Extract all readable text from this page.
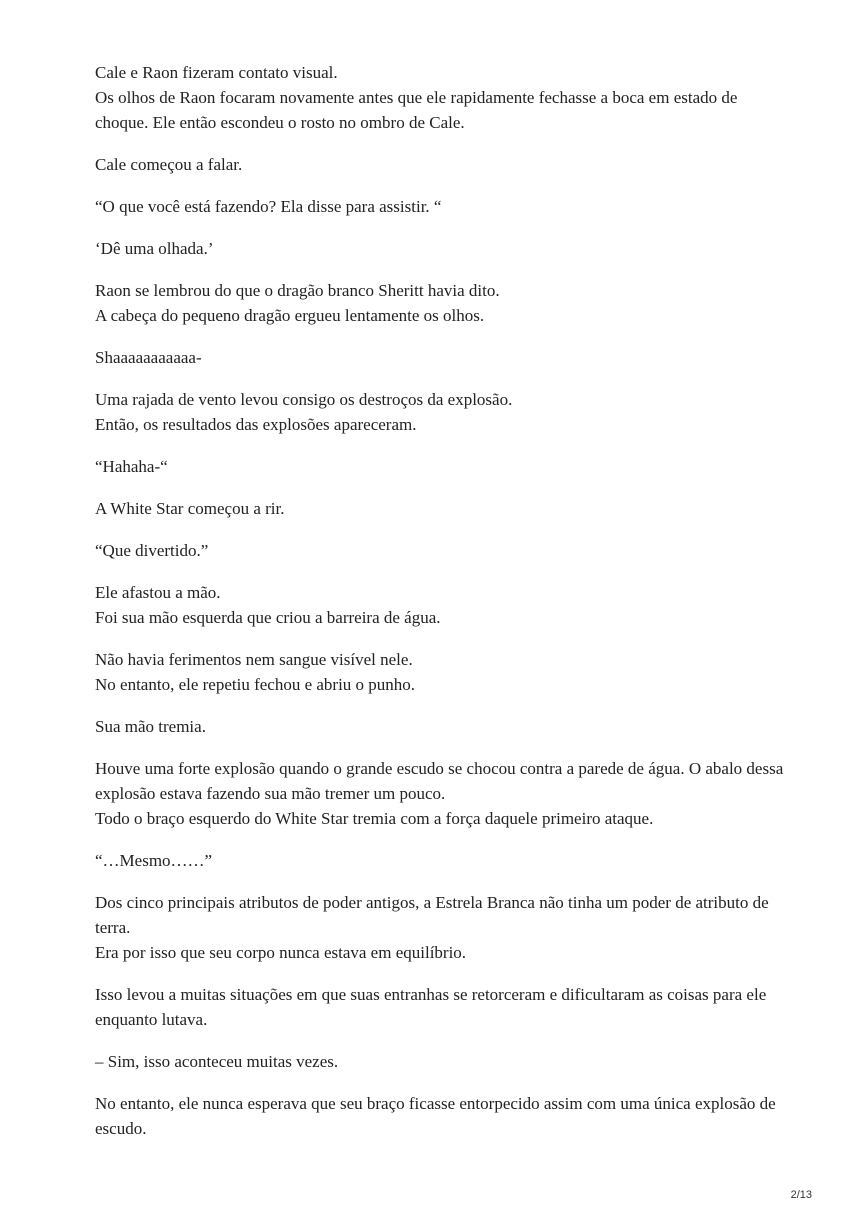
Cale e Raon fizeram contato visual.
Os olhos de Raon focaram novamente antes que ele rapidamente fechasse a boca em estado de choque. Ele então escondeu o rosto no ombro de Cale.
Cale começou a falar.
“O que você está fazendo? Ela disse para assistir. “
‘Dê uma olhada.’
Raon se lembrou do que o dragão branco Sheritt havia dito.
A cabeça do pequeno dragão ergueu lentamente os olhos.
Shaaaaaaaaaaa-
Uma rajada de vento levou consigo os destroços da explosão.
Então, os resultados das explosões apareceram.
“Hahaha-“
A White Star começou a rir.
“Que divertido.”
Ele afastou a mão.
Foi sua mão esquerda que criou a barreira de água.
Não havia ferimentos nem sangue visível nele.
No entanto, ele repetiu fechou e abriu o punho.
Sua mão tremia.
Houve uma forte explosão quando o grande escudo se chocou contra a parede de água. O abalo dessa explosão estava fazendo sua mão tremer um pouco.
Todo o braço esquerdo do White Star tremia com a força daquele primeiro ataque.
“…Mesmo……”
Dos cinco principais atributos de poder antigos, a Estrela Branca não tinha um poder de atributo de terra.
Era por isso que seu corpo nunca estava em equilíbrio.
Isso levou a muitas situações em que suas entranhas se retorceram e dificultaram as coisas para ele enquanto lutava.
– Sim, isso aconteceu muitas vezes.
No entanto, ele nunca esperava que seu braço ficasse entorpecido assim com uma única explosão de escudo.
2/13
